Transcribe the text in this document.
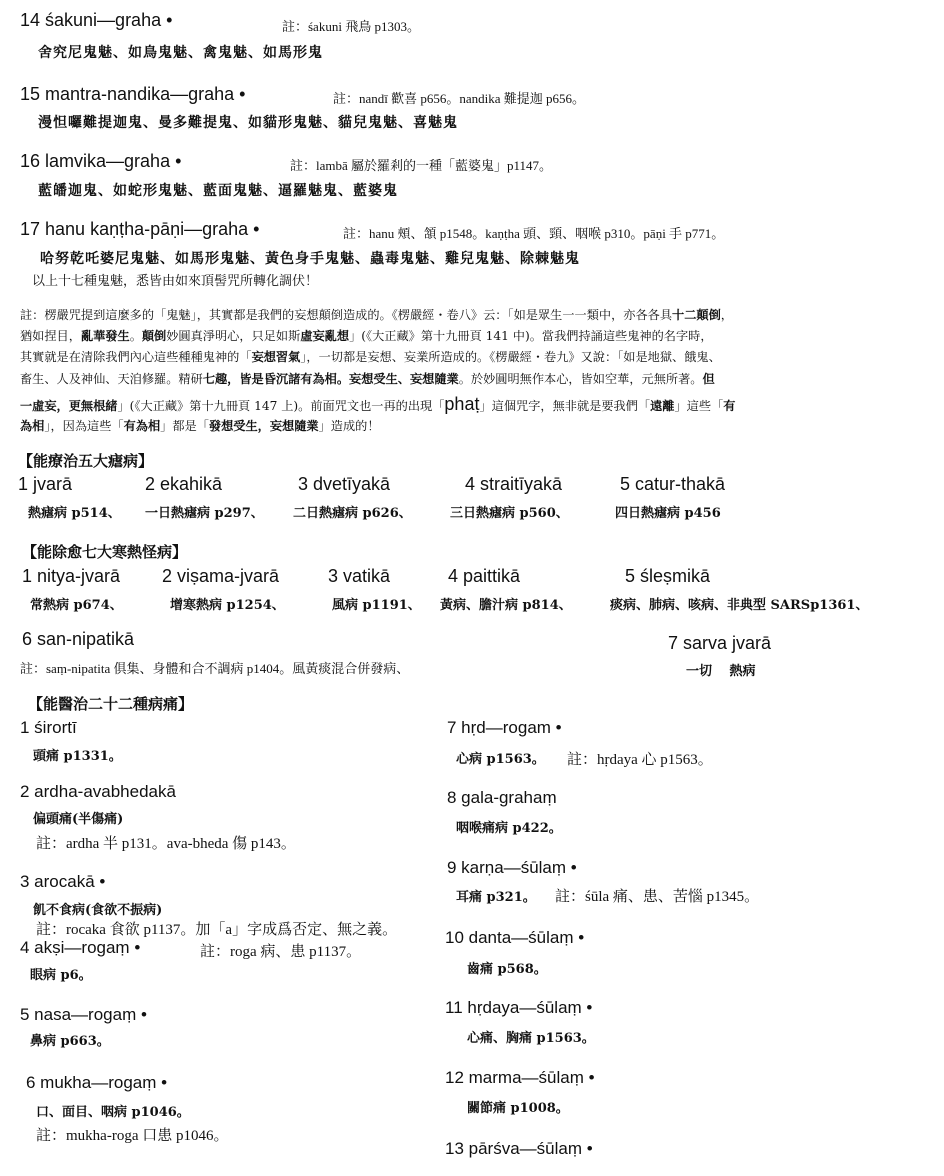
14 śakuni—graha •	註：śakuni 飛鳥 p1303。
舍究尼鬼魅、如鳥鬼魅、禽鬼魅、如馬形鬼
15 mantra-nandika—graha •	註：nandī 歡喜 p656。nandika 難提迦 p656。
漫怛囉難提迦鬼、曼多難提鬼、如貓形鬼魅、貓兒鬼魅、喜魅鬼
16 lamvika—graha •	註：lambā 屬於羅剎的一種「藍婆鬼」p1147。
藍皤迦鬼、如蛇形鬼魅、藍面鬼魅、逼羅魅鬼、藍婆鬼
17 hanu kaṇṭha-pāṇi—graha •	註：hanu 頰、頷 p1548。kaṇṭha 頭、頸、咽喉 p310。pāṇi 手 p771。
哈努乾吒婆尼鬼魅、如馬形鬼魅、黃色身手鬼魅、蟲毒鬼魅、雞兒鬼魅、除棘魅鬼
以上十七種鬼魅，悉皆由如來頂髻咒所轉化調伏！
註：楞嚴咒提到這麼多的「鬼魅」，其實都是我們的妄想顛倒造成的。《楞嚴經・卷八》云：「如是眾生一一類中，亦各各具十二顛倒，
猶如捏目，亂華發生。顛倒妙圓真淨明心，只足如斯虛妄亂想」(《大正藏》第十九冊頁 141 中)。當我們持誦這些鬼神的名字時，
其實就是在清除我們內心這些種種鬼神的「妄想習氣」，一切都是妄想、妄業所造成的。《楞嚴經・卷九》又說：「如是地獄、餓鬼、
畜生、人及神仙、天洎修羅。精研七趣，皆是昏沉諸有為相。妄想受生、妄想隨業。於妙圓明無作本心，皆如空華，元無所著。但
一虛妄，更無根緒」(《大正藏》第十九冊頁 147 上)。前面咒文也一再的出現「phaṭ」這個咒字，無非就是要我們「遠離」這些「有
為相」，因為這些「有為相」都是「發想受生，妄想隨業」造成的！
【能療治五大瘧病】
1 jvarā	2 ekahikā	3 dvetīyakā	4 straitīyakā	5 catur-thakā
熱瘧病 p514、 一日熱瘧病 p297、 二日熱瘧病 p626、	三日熱瘧病 p560、	四日熱瘧病 p456
【能除愈七大寒熱怪病】
1 nitya-jvarā 2 viṣama-jvarā	3 vatikā	4 paittikā	5 śleṣmikā
常熱病 p674、	增寒熱病 p1254、	風病 p1191、 黃病、膽汁病 p814、	痰病、肺病、咳病、非典型 SARSp1361、
6 san-nipatikā
註：saṃ-nipatita 俱集、身體和合不調病 p1404。風黃痰混合併發病、
7 sarva jvarā
一切　 熱病
【能醫治二十二種病痛】
1 śirortī
頭痛 p1331。
2 ardha-avabhedakā
偏頭痛(半傷痛)
註：ardha 半 p131。ava-bheda 傷 p143。
3 arocakā •
飢不食病(食欲不振病)
註：rocaka 食欲 p1137。加「a」字成爲否定、無之義。
4 akṣi—rogaṃ •	註：roga 病、患 p1137。
眼病 p6。
5 nasa—rogaṃ •
鼻病 p663。
6 mukha—rogaṃ •
口、面目、咽病 p1046。
註：mukha-roga 口患 p1046。
7 hṛd—rogam •
心病 p1563。 註：hṛdaya 心 p1563。
8 gala-grahaṃ
咽喉痛病 p422。
9 karṇa—śūlaṃ •
耳痛 p321。 註：śūla 痛、患、苦惱 p1345。
10 danta—śūlaṃ •
齒痛 p568。
11 hṛdaya—śūlaṃ •
心痛、胸痛 p1563。
12 marma—śūlaṃ •
關節痛 p1008。
13 pārśva—śūlaṃ •
